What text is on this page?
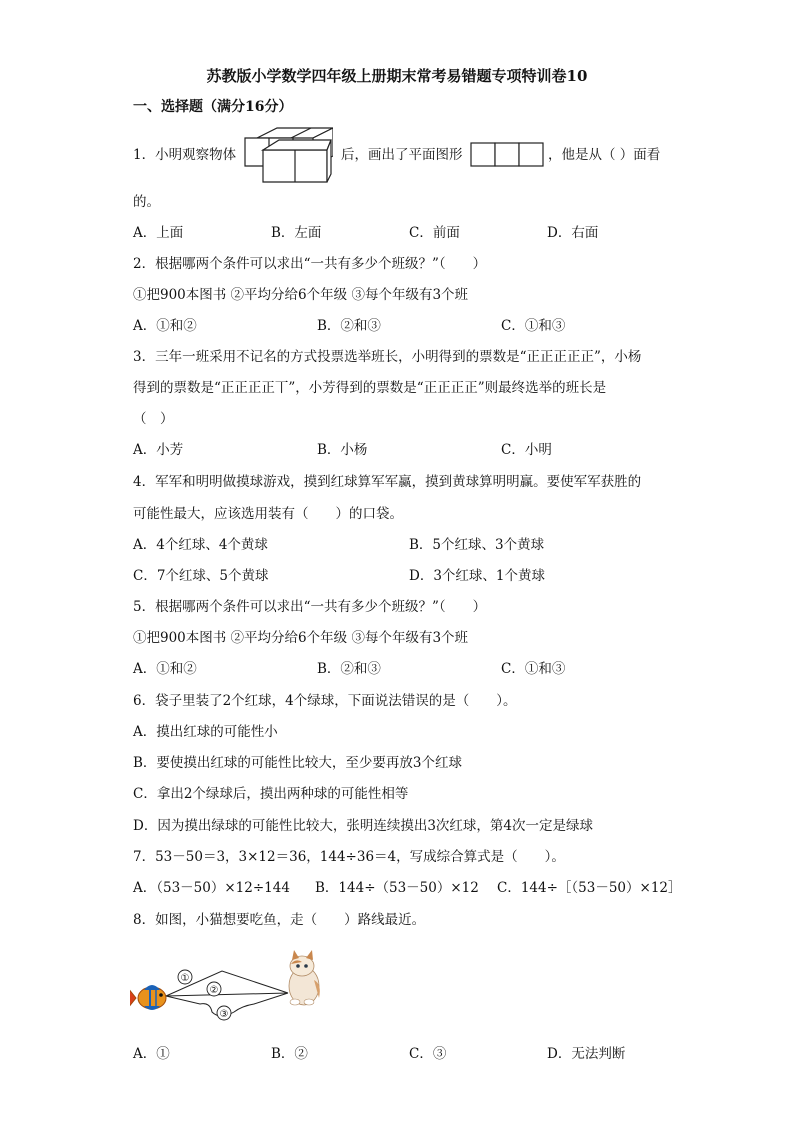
苏教版小学数学四年级上册期末常考易错题专项特训卷10
一、选择题（满分16分）
1．小明观察物体	后，画出了平面图形	，他是从（ ）面看
的。
A．上面	B．左面	C．前面	D．右面
2．根据哪两个条件可以求出“一共有多少个班级？”（　　）
①把900本图书 ②平均分给6个年级 ③每个年级有3个班
A．①和②	B．②和③	C．①和③
3．三年一班采用不记名的方式投票选举班长，小明得到的票数是“正正正正正”，小杨
得到的票数是“正正正正丅”，小芳得到的票数是“正正正正”则最终选举的班长是
（　）
A．小芳	B．小杨	C．小明
4．军军和明明做摸球游戏，摸到红球算军军赢，摸到黄球算明明赢。要使军军获胜的
可能性最大，应该选用装有（　　）的口袋。
A．4个红球、4个黄球	B．5个红球、3个黄球
C．7个红球、5个黄球	D．3个红球、1个黄球
5．根据哪两个条件可以求出“一共有多少个班级？”（　　）
①把900本图书 ②平均分给6个年级 ③每个年级有3个班
A．①和②	B．②和③	C．①和③
6．袋子里装了2个红球，4个绿球，下面说法错误的是（　　）。
A．摸出红球的可能性小
B．要使摸出红球的可能性比较大，至少要再放3个红球
C．拿出2个绿球后，摸出两种球的可能性相等
D．因为摸出绿球的可能性比较大，张明连续摸出3次红球，第4次一定是绿球
7．53－50＝3，3×12＝36，144÷36＝4，写成综合算式是（　　）。
A．（53－50）×12÷144 B．144÷（53－50）×12 C．144÷［（53－50）×12］
8．如图，小猫想要吃鱼，走（　　）路线最近。
①
②
③
A．①	B．②	C．③	D．无法判断
